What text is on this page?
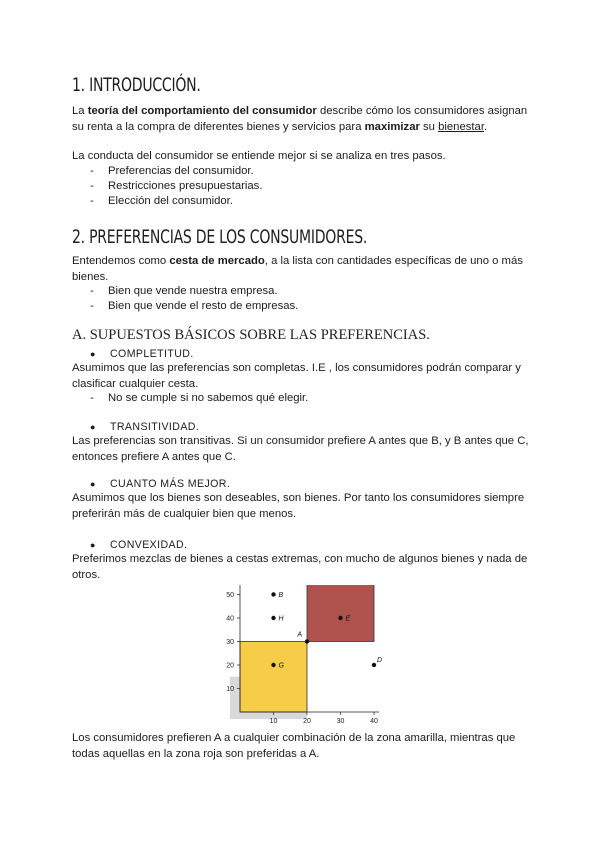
1. INTRODUCCIÓN.
La teoría del comportamiento del consumidor describe cómo los consumidores asignan su renta a la compra de diferentes bienes y servicios para maximizar su bienestar.
La conducta del consumidor se entiende mejor si se analiza en tres pasos.
- Preferencias del consumidor.
- Restricciones presupuestarias.
- Elección del consumidor.
2. PREFERENCIAS DE LOS CONSUMIDORES.
Entendemos como cesta de mercado, a la lista con cantidades específicas de uno o más bienes.
- Bien que vende nuestra empresa.
- Bien que vende el resto de empresas.
A. SUPUESTOS BÁSICOS SOBRE LAS PREFERENCIAS.
● COMPLETITUD.
Asumimos que las preferencias son completas. I.E , los consumidores podrán comparar y clasificar cualquier cesta.
- No se cumple si no sabemos qué elegir.
● TRANSITIVIDAD.
Las preferencias son transitivas. Si un consumidor prefiere A antes que B, y B antes que C, entonces prefiere A antes que C.
● CUANTO MÁS MEJOR.
Asumimos que los bienes son deseables, son bienes. Por tanto los consumidores siempre preferirán más de cualquier bien que menos.
● CONVEXIDAD.
Preferimos mezclas de bienes a cestas extremas, con mucho de algunos bienes y nada de otros.
10	20	30	40
10
20
30
40
50	B
H
A
E
G
D
Los consumidores prefieren A a cualquier combinación de la zona amarilla, mientras que todas aquellas en la zona roja son preferidas a A.
